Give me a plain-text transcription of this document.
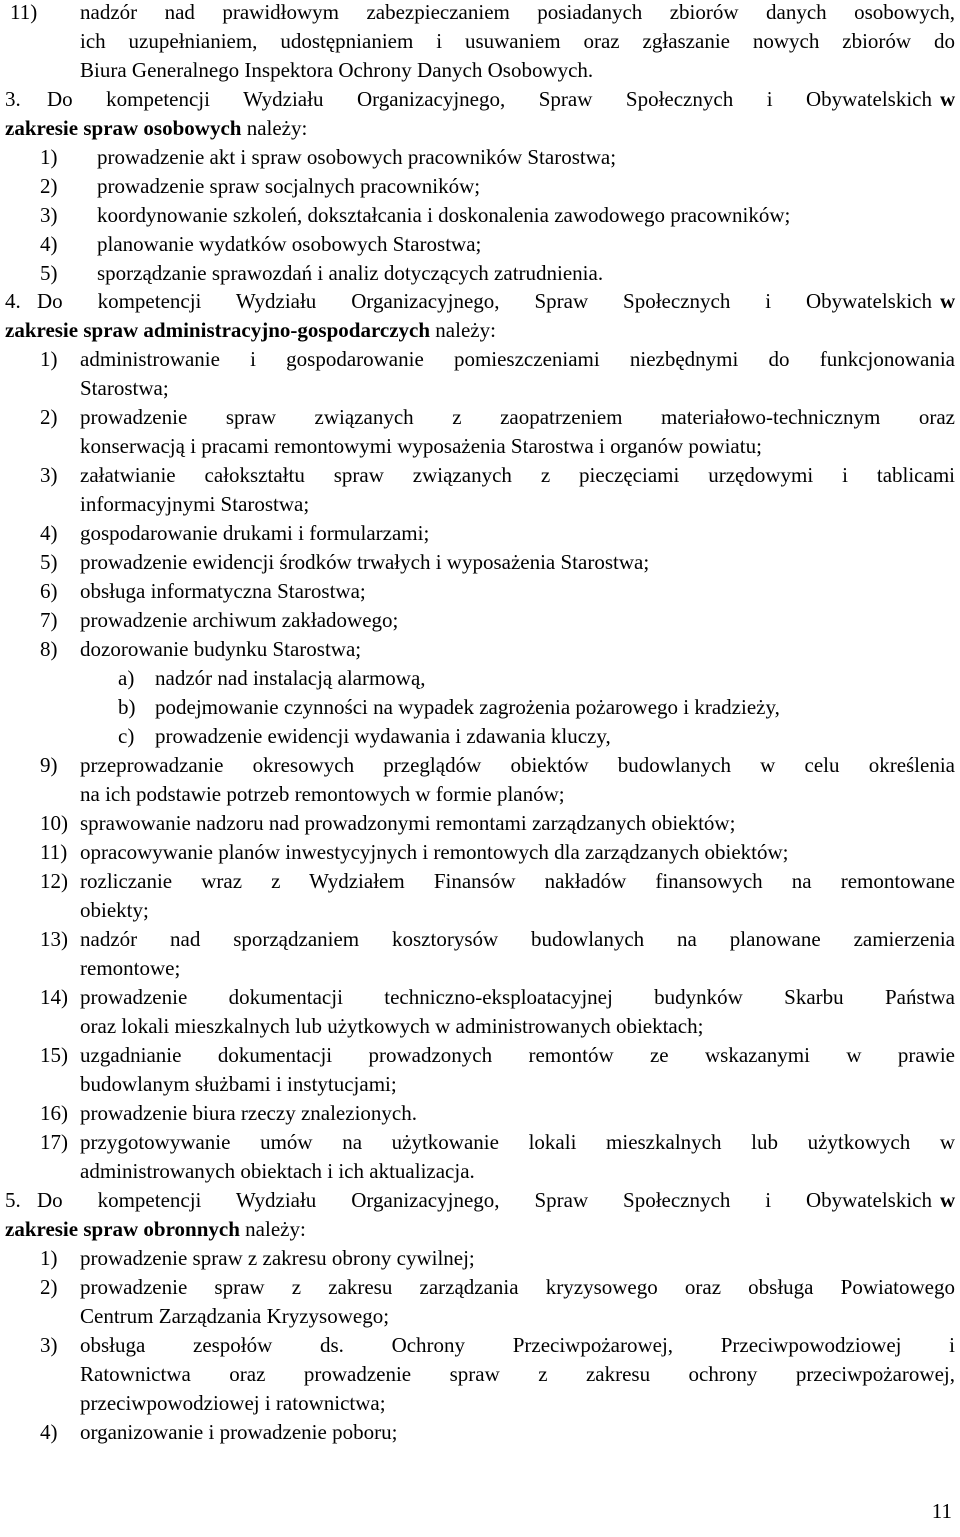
11) nadzór nad prawidłowym zabezpieczaniem posiadanych zbiorów danych osobowych,
ich uzupełnianiem, udostępnianiem i usuwaniem oraz zgłaszanie nowych zbiorów do
Biura Generalnego Inspektora Ochrony Danych Osobowych.
3. Do kompetencji Wydziału Organizacyjnego, Spraw Społecznych i Obywatelskich w
zakresie spraw osobowych należy:
1) prowadzenie akt i spraw osobowych pracowników Starostwa;
2) prowadzenie spraw socjalnych pracowników;
3) koordynowanie szkoleń, dokształcania i doskonalenia zawodowego pracowników;
4) planowanie wydatków osobowych Starostwa;
5) sporządzanie sprawozdań i analiz dotyczących zatrudnienia.
4. Do kompetencji Wydziału Organizacyjnego, Spraw Społecznych i Obywatelskich w
zakresie spraw administracyjno-gospodarczych należy:
1) administrowanie i gospodarowanie pomieszczeniami niezbędnymi do funkcjonowania
Starostwa;
2) prowadzenie spraw związanych z zaopatrzeniem materiałowo-technicznym oraz
konserwacją i pracami remontowymi wyposażenia Starostwa i organów powiatu;
3) załatwianie całokształtu spraw związanych z pieczęciami urzędowymi i tablicami
informacyjnymi Starostwa;
4) gospodarowanie drukami i formularzami;
5) prowadzenie ewidencji środków trwałych i wyposażenia Starostwa;
6) obsługa informatyczna Starostwa;
7) prowadzenie archiwum zakładowego;
8) dozorowanie budynku Starostwa;
a) nadzór nad instalacją alarmową,
b) podejmowanie czynności na wypadek zagrożenia pożarowego i kradzieży,
c) prowadzenie ewidencji wydawania i zdawania kluczy,
9) przeprowadzanie okresowych przeglądów obiektów budowlanych w celu określenia
na ich podstawie potrzeb remontowych w formie planów;
10) sprawowanie nadzoru nad prowadzonymi remontami zarządzanych obiektów;
11) opracowywanie planów inwestycyjnych i remontowych dla zarządzanych obiektów;
12) rozliczanie wraz z Wydziałem Finansów nakładów finansowych na remontowane
obiekty;
13) nadzór nad sporządzaniem kosztorysów budowlanych na planowane zamierzenia
remontowe;
14) prowadzenie dokumentacji techniczno-eksploatacyjnej budynków Skarbu Państwa
oraz lokali mieszkalnych lub użytkowych w administrowanych obiektach;
15) uzgadnianie dokumentacji prowadzonych remontów ze wskazanymi w prawie
budowlanym służbami i instytucjami;
16) prowadzenie biura rzeczy znalezionych.
17) przygotowywanie umów na użytkowanie lokali mieszkalnych lub użytkowych w
administrowanych obiektach i ich aktualizacja.
5. Do kompetencji Wydziału Organizacyjnego, Spraw Społecznych i Obywatelskich w
zakresie spraw obronnych należy:
1) prowadzenie spraw z zakresu obrony cywilnej;
2) prowadzenie spraw z zakresu zarządzania kryzysowego oraz obsługa Powiatowego
Centrum Zarządzania Kryzysowego;
3) obsługa zespołów ds. Ochrony Przeciwpożarowej, Przeciwpowodziowej i
Ratownictwa oraz prowadzenie spraw z zakresu ochrony przeciwpożarowej,
przeciwpowodziowej i ratownictwa;
4) organizowanie i prowadzenie poboru;
11
